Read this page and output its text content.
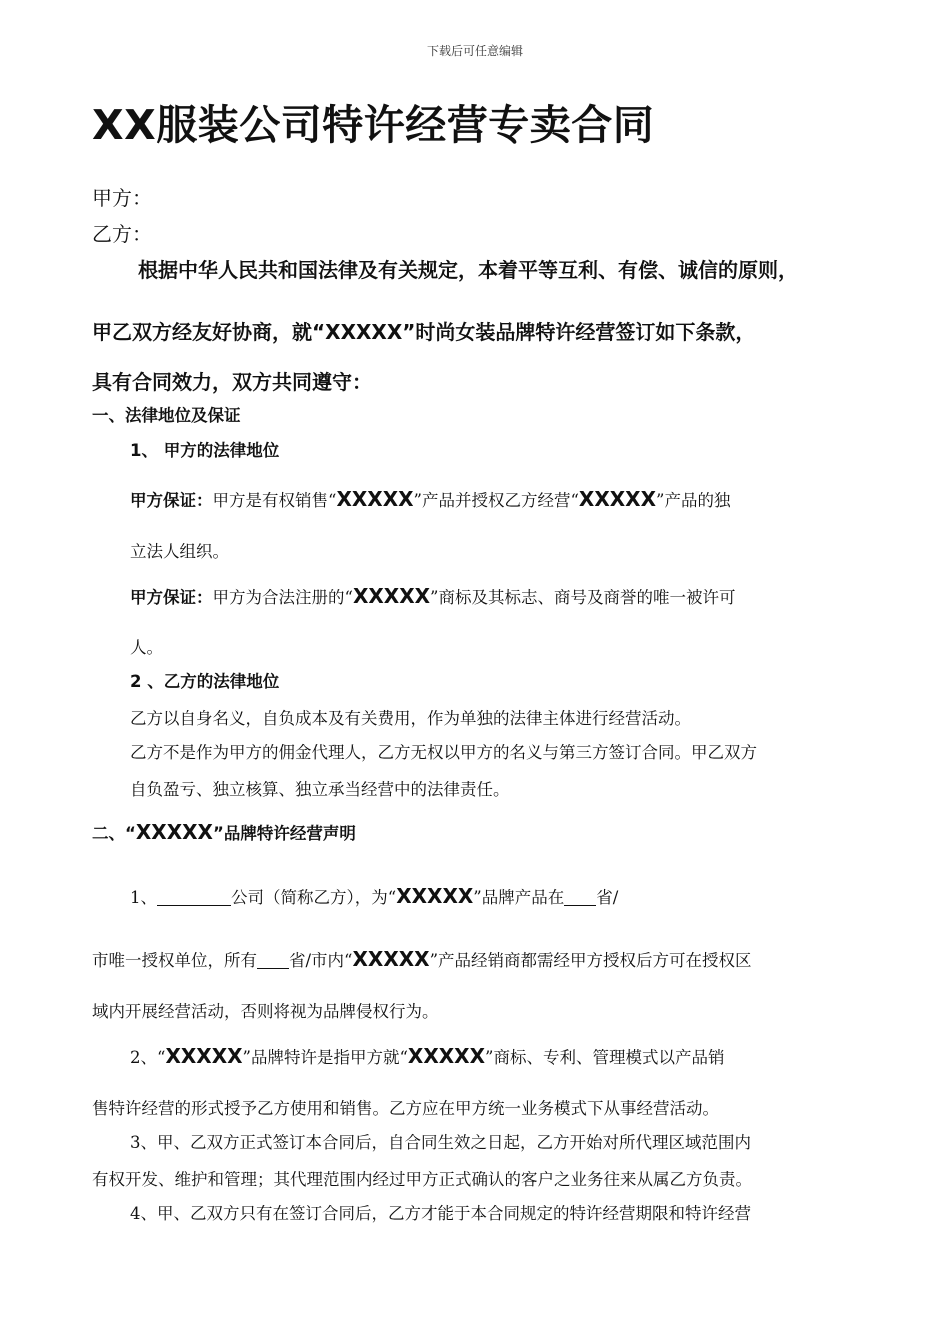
下载后可任意编辑
XX服装公司特许经营专卖合同
甲方：
乙方：
根据中华人民共和国法律及有关规定，本着平等互利、有偿、诚信的原则，
甲乙双方经友好协商，就“XXXXX”时尚女装品牌特许经营签订如下条款，
具有合同效力，双方共同遵守：
一、法律地位及保证
1、 甲方的法律地位
甲方保证：甲方是有权销售“XXXXX”产品并授权乙方经营“XXXXX”产品的独
立法人组织。
甲方保证：甲方为合法注册的“XXXXX”商标及其标志、商号及商誉的唯一被许可
人。
2 、乙方的法律地位
乙方以自身名义，自负成本及有关费用，作为单独的法律主体进行经营活动。
乙方不是作为甲方的佣金代理人，乙方无权以甲方的名义与第三方签订合同。甲乙双方
自负盈亏、独立核算、独立承当经营中的法律责任。
二、“XXXXX”品牌特许经营声明
1、	公司（简称乙方），为“XXXXX”品牌产品在 省/
市唯一授权单位，所有 省/市内“XXXXX”产品经销商都需经甲方授权后方可在授权区
域内开展经营活动，否则将视为品牌侵权行为。
2、“XXXXX”品牌特许是指甲方就“XXXXX”商标、专利、管理模式以产品销
售特许经营的形式授予乙方使用和销售。乙方应在甲方统一业务模式下从事经营活动。
3、甲、乙双方正式签订本合同后，自合同生效之日起，乙方开始对所代理区域范围内
有权开发、维护和管理；其代理范围内经过甲方正式确认的客户之业务往来从属乙方负责。
4、甲、乙双方只有在签订合同后，乙方才能于本合同规定的特许经营期限和特许经营
